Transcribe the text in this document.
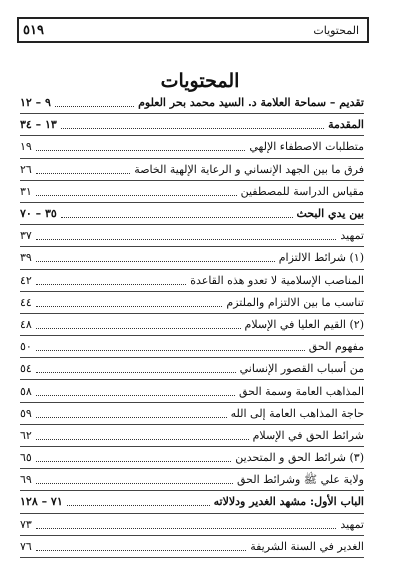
٥١٩	المحتويات
المحتويات
تقديم – سماحة العلامة د. السيد محمد بحر العلوم
٩ – ١٢
المقدمة
١٣ – ٣٤
متطلبات الاصطفاء الإلهي
١٩
فرق ما بين الجهد الإنساني و الرعاية الإلهية الخاصة
٢٦
مقياس الدراسة للمصطفين
٣١
بين يدي البحث
٣٥ – ٧٠
تمهيد
٣٧
(١) شرائط الالتزام
٣٩
المناصب الإسلامية لا تعدو هذه القاعدة
٤٢
تناسب ما بين الالتزام والملتزم
٤٤
(٢) القيم العليا في الإسلام
٤٨
مفهوم الحق
٥٠
من أسباب القصور الإنساني
٥٤
المذاهب العامة وسمة الحق
٥٨
حاجة المذاهب العامة إلى الله
٥٩
شرائط الحق في الإسلام
٦٢
(٣) شرائط الحق و المتحدين
٦٥
ولاية علي ﷺ وشرائط الحق
٦٩
الباب الأول: مشهد الغدير ودلالاته
٧١ – ١٢٨
تمهيد
٧٣
الغدير في السنة الشريفة
٧٦
